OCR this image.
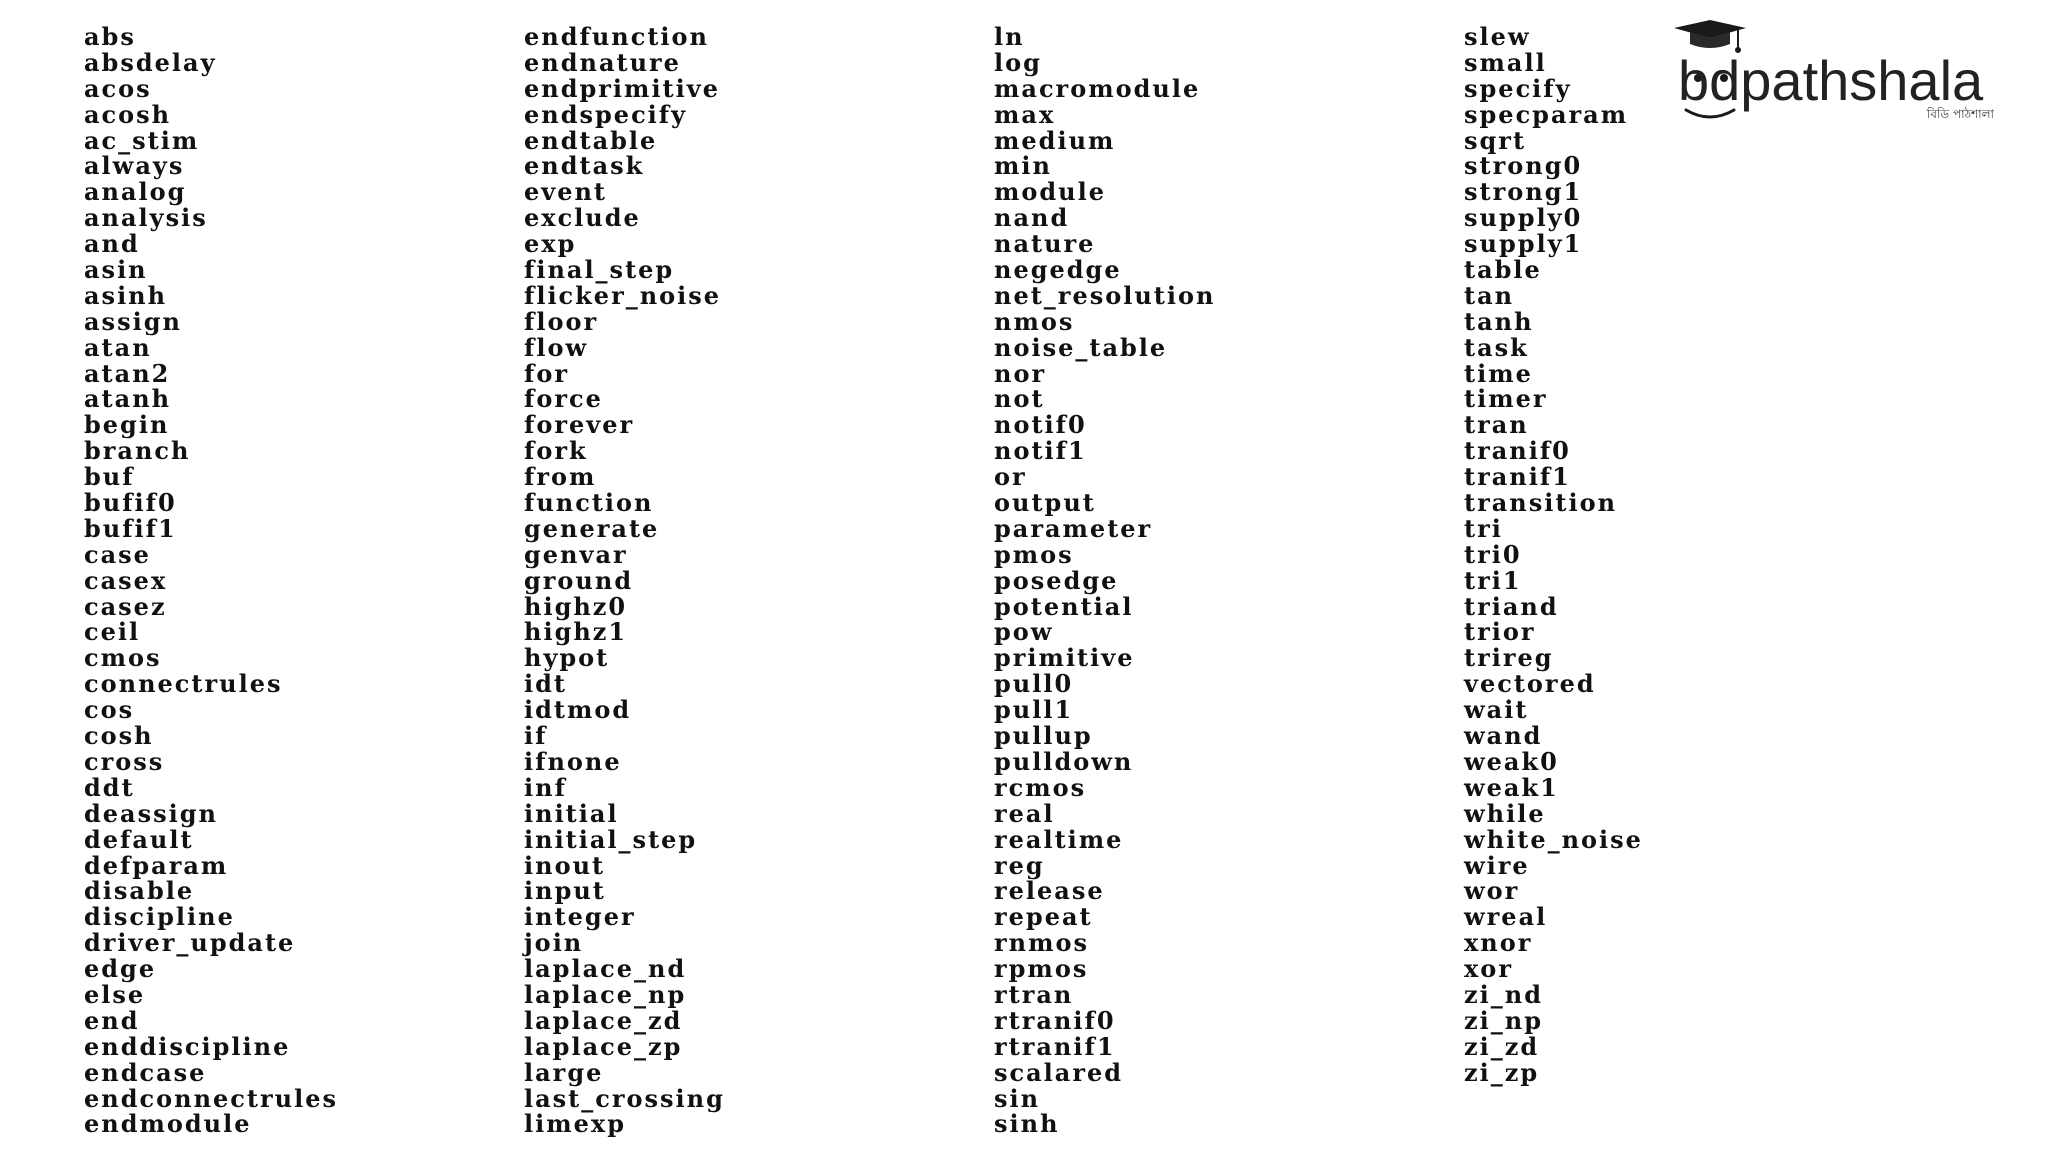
abs
absdelay
acos
acosh
ac_stim
always
analog
analysis
and
asin
asinh
assign
atan
atan2
atanh
begin
branch
buf
bufif0
bufif1
case
casex
casez
ceil
cmos
connectrules
cos
cosh
cross
ddt
deassign
default
defparam
disable
discipline
driver_update
edge
else
end
enddiscipline
endcase
endconnectrules
endmodule
endfunction
endnature
endprimitive
endspecify
endtable
endtask
event
exclude
exp
final_step
flicker_noise
floor
flow
for
force
forever
fork
from
function
generate
genvar
ground
highz0
highz1
hypot
idt
idtmod
if
ifnone
inf
initial
initial_step
inout
input
integer
join
laplace_nd
laplace_np
laplace_zd
laplace_zp
large
last_crossing
limexp
ln
log
macromodule
max
medium
min
module
nand
nature
negedge
net_resolution
nmos
noise_table
nor
not
notif0
notif1
or
output
parameter
pmos
posedge
potential
pow
primitive
pull0
pull1
pullup
pulldown
rcmos
real
realtime
reg
release
repeat
rnmos
rpmos
rtran
rtranif0
rtranif1
scalared
sin
sinh
slew
small
specify
specparam
sqrt
strong0
strong1
supply0
supply1
table
tan
tanh
task
time
timer
tran
tranif0
tranif1
transition
tri
tri0
tri1
triand
trior
trireg
vectored
wait
wand
weak0
weak1
while
white_noise
wire
wor
wreal
xnor
xor
zi_nd
zi_np
zi_zd
zi_zp
bdpathshala
বিডি পাঠশালা
